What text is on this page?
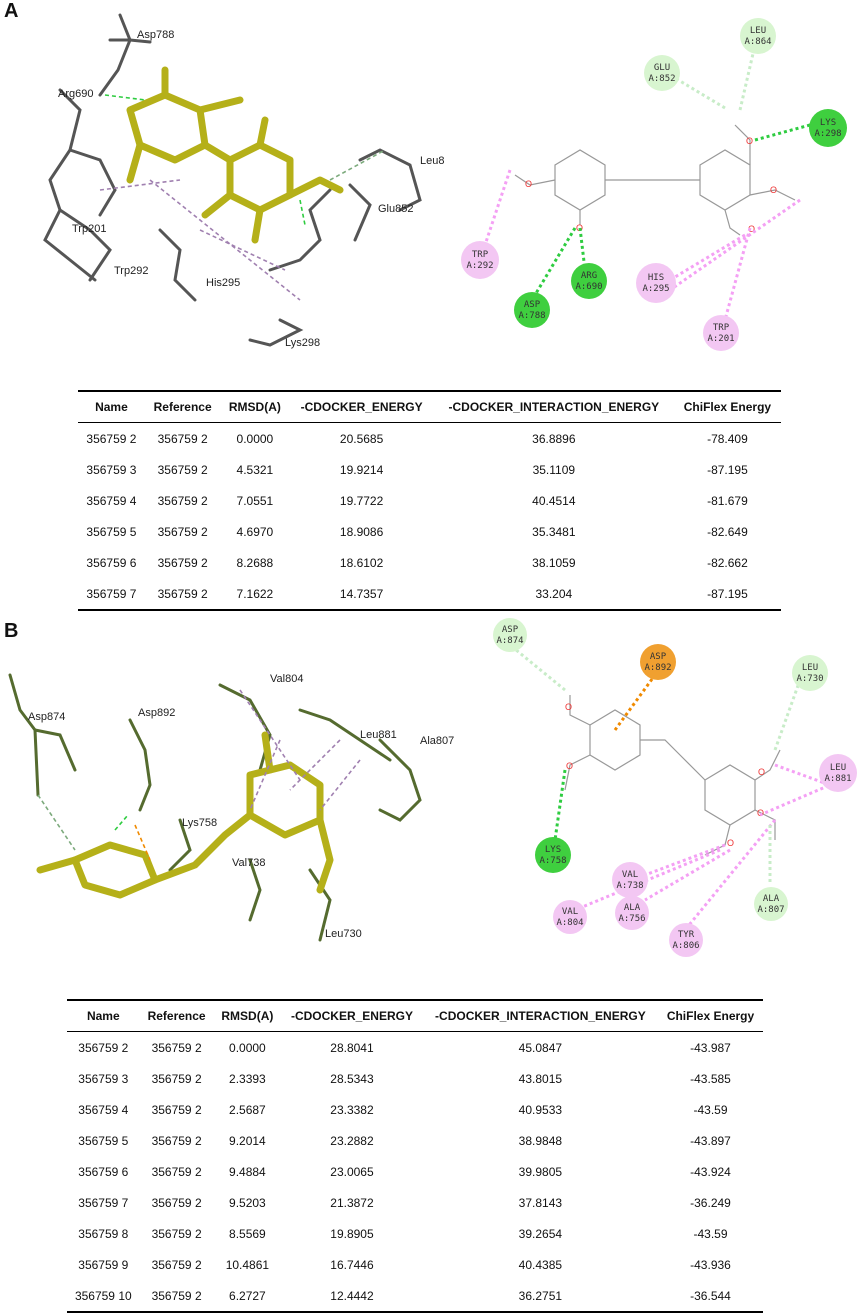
A
B
Asp788
Arg690
Leu8
Glu852
Trp201
Trp292
His295
Lys298
O
O
O
O
O
LEU
A:864
GLU
A:852
LYS
A:298
TRP
A:292
ARG
A:690
HIS
A:295
ASP
A:788
TRP
A:201
Name	Reference	RMSD(A)	-CDOCKER_ENERGY	-CDOCKER_INTERACTION_ENERGY	ChiFlex Energy
356759 2	356759 2	0.0000	20.5685	36.8896	-78.409
356759 3	356759 2	4.5321	19.9214	35.1109	-87.195
356759 4	356759 2	7.0551	19.7722	40.4514	-81.679
356759 5	356759 2	4.6970	18.9086	35.3481	-82.649
356759 6	356759 2	8.2688	18.6102	38.1059	-82.662
356759 7	356759 2	7.1622	14.7357	33.204	-87.195
Asp874	Asp892
Val804
Leu881 Ala807
Lys758
Val738
Leu730
O
O
O
O
O
ASP
A:874
ASP
A:892	LEU
A:730
LEU
A:881
LYS
A:758
VAL
A:738
ALA
A:756
VAL
A:804
TYR
A:806
ALA
A:807
Name	Reference	RMSD(A)	-CDOCKER_ENERGY	-CDOCKER_INTERACTION_ENERGY	ChiFlex Energy
356759 2	356759 2	0.0000	28.8041	45.0847	-43.987
356759 3	356759 2	2.3393	28.5343	43.8015	-43.585
356759 4	356759 2	2.5687	23.3382	40.9533	-43.59
356759 5	356759 2	9.2014	23.2882	38.9848	-43.897
356759 6	356759 2	9.4884	23.0065	39.9805	-43.924
356759 7	356759 2	9.5203	21.3872	37.8143	-36.249
356759 8	356759 2	8.5569	19.8905	39.2654	-43.59
356759 9	356759 2	10.4861	16.7446	40.4385	-43.936
356759 10	356759 2	6.2727	12.4442	36.2751	-36.544
